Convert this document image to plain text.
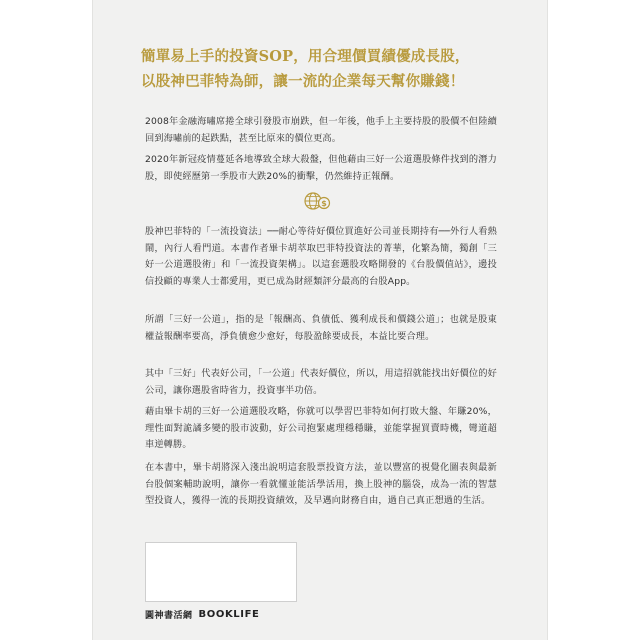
簡單易上手的投資SOP，用合理價買績優成長股，
以股神巴菲特為師，讓一流的企業每天幫你賺錢！
2008年金融海嘯席捲全球引發股市崩跌，但一年後，他手上主要持股的股價不但陸續回到海嘯前的起跌點，甚至比原來的價位更高。
2020年新冠疫情蔓延各地導致全球大殺盤，但他藉由三好一公道選股條件找到的潛力股，即使經歷第一季股市大跌20%的衝擊，仍然維持正報酬。
$
股神巴菲特的「一流投資法」──耐心等待好價位買進好公司並長期持有──外行人看熱鬧，內行人看門道。本書作者畢卡胡萃取巴菲特投資法的菁華，化繁為簡，獨創「三好一公道選股術」和「一流投資架構」。以這套選股攻略開發的《台股價值站》，邊投信投顧的專業人士都愛用，更已成為財經類評分最高的台股App。
所謂「三好一公道」，指的是「報酬高、負債低、獲利成長和價錢公道」；也就是股東權益報酬率要高，淨負債愈少愈好，每股盈餘要成長，本益比要合理。
其中「三好」代表好公司，「一公道」代表好價位，所以，用這招就能找出好價位的好公司，讓你選股省時省力，投資事半功倍。
藉由畢卡胡的三好一公道選股攻略，你就可以學習巴菲特如何打敗大盤、年賺20%，理性面對詭譎多變的股市波動，好公司抱緊處理穩穩賺，並能掌握買賣時機，彎道超車逆轉勝。
在本書中，畢卡胡將深入淺出說明這套股票投資方法，並以豐富的視覺化圖表與最新台股個案輔助說明，讓你一看就懂並能活學活用，換上股神的腦袋，成為一流的智慧型投資人，獲得一流的長期投資績效，及早邁向財務自由，過自己真正想過的生活。
圓神書活網 BOOKLIFE
